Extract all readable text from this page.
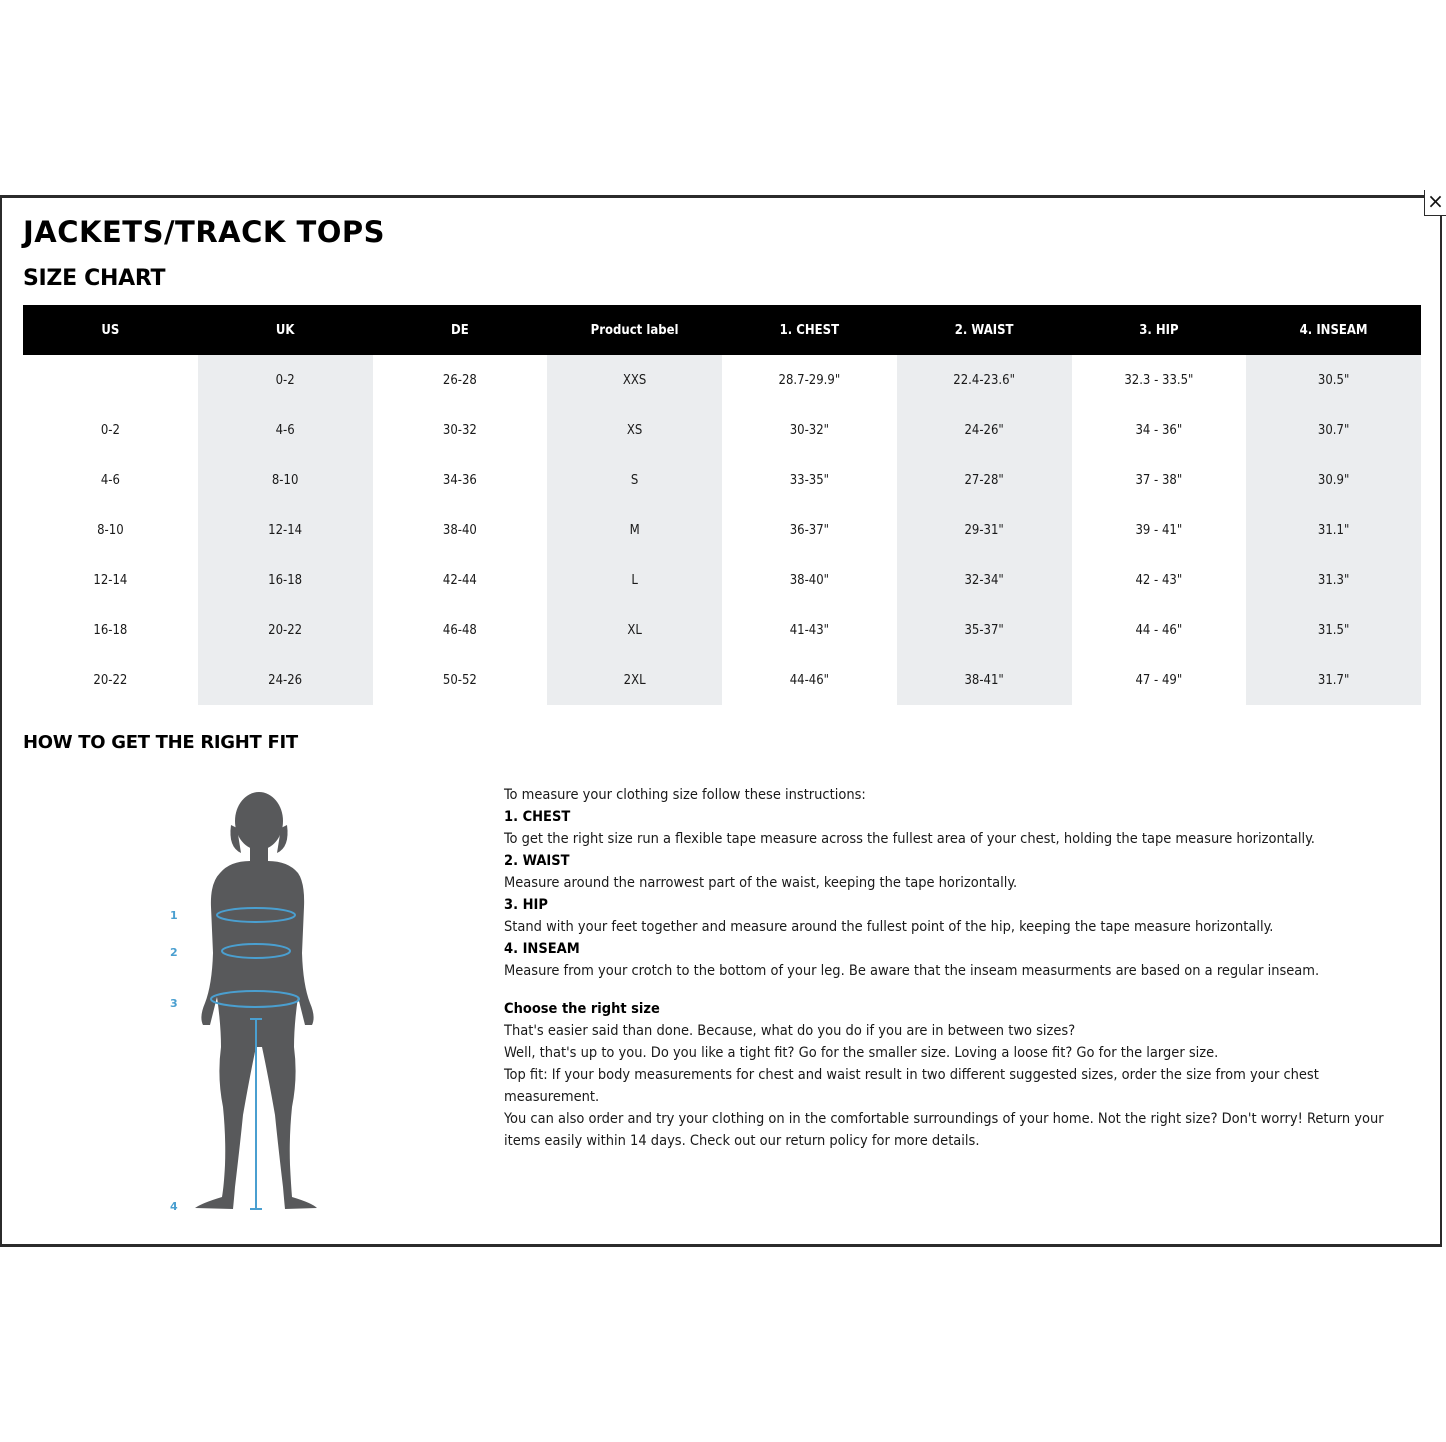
×
JACKETS/TRACK TOPS
SIZE CHART
US	UK	DE	Product label	1. CHEST	2. WAIST	3. HIP	4. INSEAM
	0-2	26-28	XXS	28.7-29.9"	22.4-23.6"	32.3 - 33.5"	30.5"
0-2	4-6	30-32	XS	30-32"	24-26"	34 - 36"	30.7"
4-6	8-10	34-36	S	33-35"	27-28"	37 - 38"	30.9"
8-10	12-14	38-40	M	36-37"	29-31"	39 - 41"	31.1"
12-14	16-18	42-44	L	38-40"	32-34"	42 - 43"	31.3"
16-18	20-22	46-48	XL	41-43"	35-37"	44 - 46"	31.5"
20-22	24-26	50-52	2XL	44-46"	38-41"	47 - 49"	31.7"
HOW TO GET THE RIGHT FIT
1
2
3
4

To measure your clothing size follow these instructions:

1. CHEST

To get the right size run a flexible tape measure across the fullest area of your chest, holding the tape measure horizontally.

2. WAIST

Measure around the narrowest part of the waist, keeping the tape horizontally.

3. HIP

Stand with your feet together and measure around the fullest point of the hip, keeping the tape measure horizontally.

4. INSEAM

Measure from your crotch to the bottom of your leg. Be aware that the inseam measurments are based on a regular inseam.

Choose the right size

That's easier said than done. Because, what do you do if you are in between two sizes?

Well, that's up to you. Do you like a tight fit? Go for the smaller size. Loving a loose fit? Go for the larger size.

Top fit: If your body measurements for chest and waist result in two different suggested sizes, order the size from your chest measurement.

You can also order and try your clothing on in the comfortable surroundings of your home. Not the right size? Don't worry! Return your items easily within 14 days. Check out our return policy for more details.
